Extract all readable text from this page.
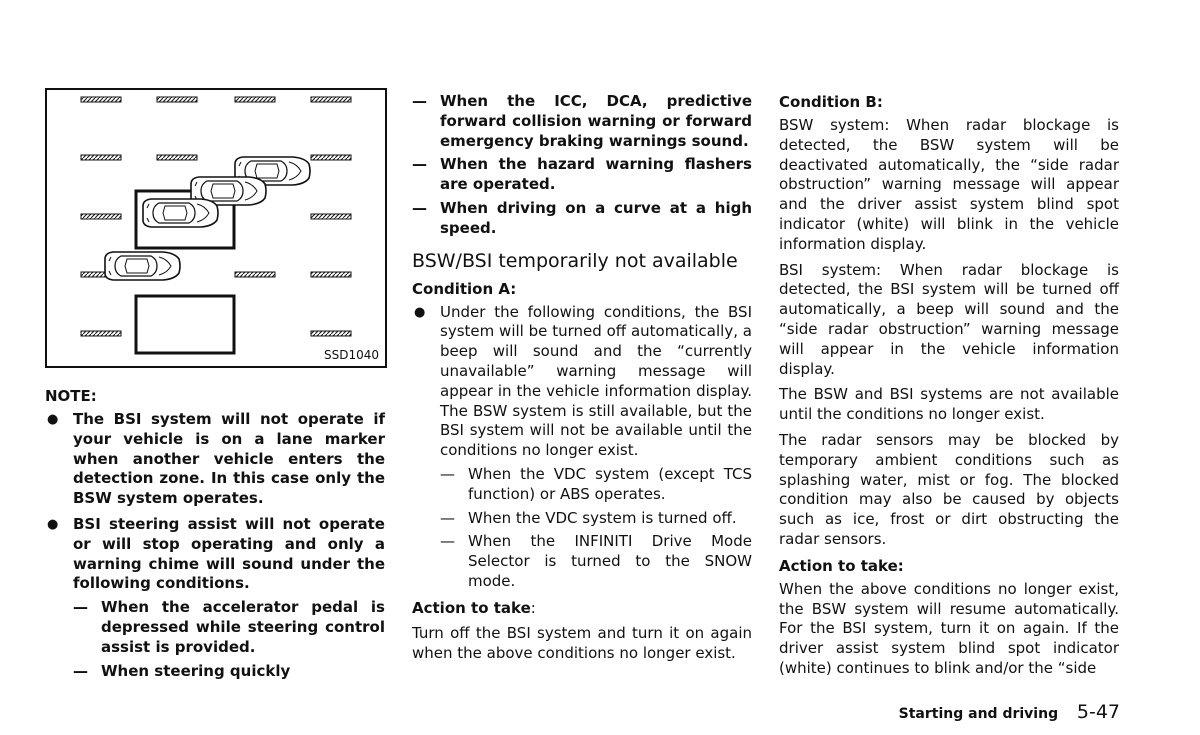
SSD1040
NOTE:
● The BSI system will not operate if your vehicle is on a lane marker when another vehicle enters the detection zone. In this case only the BSW system operates.
● BSI steering assist will not operate or will stop operating and only a warning chime will sound under the following conditions.
— When the accelerator pedal is depressed while steering control assist is provided.
— When steering quickly
— When the ICC, DCA, predictive forward collision warning or forward emergency braking warnings sound.
— When the hazard warning flashers are operated.
— When driving on a curve at a high speed.
BSW/BSI temporarily not available
Condition A:
● Under the following conditions, the BSI system will be turned off automatically, a beep will sound and the “currently unavailable” warning message will appear in the vehicle information display. The BSW system is still available, but the BSI system will not be available until the conditions no longer exist.
— When the VDC system (except TCS function) or ABS operates.
— When the VDC system is turned off.
— When the INFINITI Drive Mode Selector is turned to the SNOW mode.
Action to take:

Turn off the BSI system and turn it on again when the above conditions no longer exist.

Condition B:

BSW system: When radar blockage is detected, the BSW system will be deactivated automatically, the “side radar obstruction” warning message will appear and the driver assist system blind spot indicator (white) will blink in the vehicle information display.

BSI system: When radar blockage is detected, the BSI system will be turned off automatically, a beep will sound and the “side radar obstruction” warning message will appear in the vehicle information display.

The BSW and BSI systems are not available until the conditions no longer exist.

The radar sensors may be blocked by temporary ambient conditions such as splashing water, mist or fog. The blocked condition may also be caused by objects such as ice, frost or dirt obstructing the radar sensors.

Action to take:

When the above conditions no longer exist, the BSW system will resume automatically. For the BSI system, turn it on again. If the driver assist system blind spot indicator (white) continues to blink and/or the “side

Starting and driving 5-47
